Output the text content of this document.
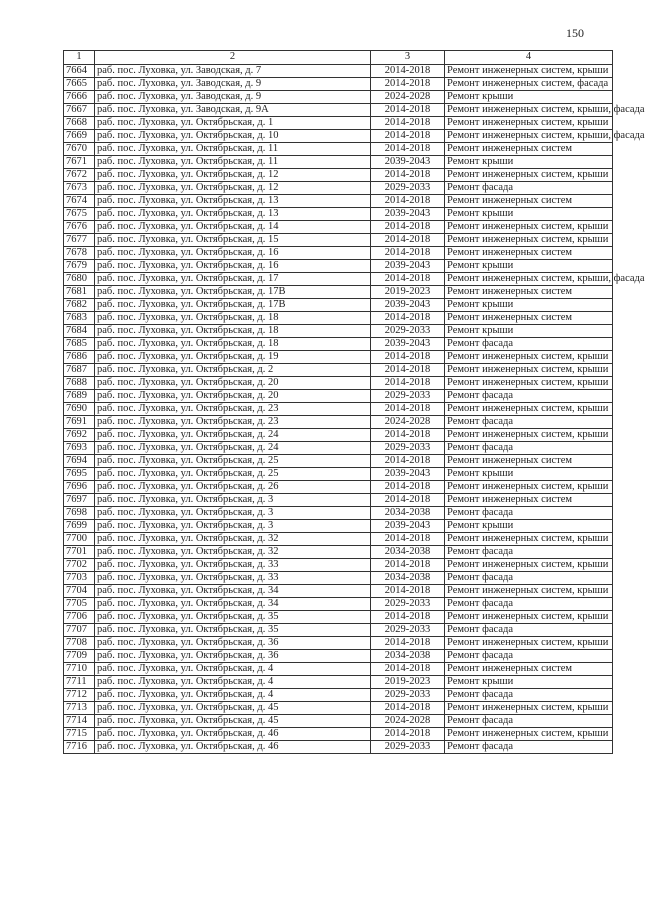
150
1	2	3	4
7664	раб. пос. Луховка, ул. Заводская, д. 7	2014-2018	Ремонт инженерных систем, крыши
7665	раб. пос. Луховка, ул. Заводская, д. 9	2014-2018	Ремонт инженерных систем, фасада
7666	раб. пос. Луховка, ул. Заводская, д. 9	2024-2028	Ремонт крыши
7667	раб. пос. Луховка, ул. Заводская, д. 9А	2014-2018	Ремонт инженерных систем, крыши, фасада
7668	раб. пос. Луховка, ул. Октябрьская, д. 1	2014-2018	Ремонт инженерных систем, крыши
7669	раб. пос. Луховка, ул. Октябрьская, д. 10	2014-2018	Ремонт инженерных систем, крыши, фасада
7670	раб. пос. Луховка, ул. Октябрьская, д. 11	2014-2018	Ремонт инженерных систем
7671	раб. пос. Луховка, ул. Октябрьская, д. 11	2039-2043	Ремонт крыши
7672	раб. пос. Луховка, ул. Октябрьская, д. 12	2014-2018	Ремонт инженерных систем, крыши
7673	раб. пос. Луховка, ул. Октябрьская, д. 12	2029-2033	Ремонт фасада
7674	раб. пос. Луховка, ул. Октябрьская, д. 13	2014-2018	Ремонт инженерных систем
7675	раб. пос. Луховка, ул. Октябрьская, д. 13	2039-2043	Ремонт крыши
7676	раб. пос. Луховка, ул. Октябрьская, д. 14	2014-2018	Ремонт инженерных систем, крыши
7677	раб. пос. Луховка, ул. Октябрьская, д. 15	2014-2018	Ремонт инженерных систем, крыши
7678	раб. пос. Луховка, ул. Октябрьская, д. 16	2014-2018	Ремонт инженерных систем
7679	раб. пос. Луховка, ул. Октябрьская, д. 16	2039-2043	Ремонт крыши
7680	раб. пос. Луховка, ул. Октябрьская, д. 17	2014-2018	Ремонт инженерных систем, крыши, фасада
7681	раб. пос. Луховка, ул. Октябрьская, д. 17В	2019-2023	Ремонт инженерных систем
7682	раб. пос. Луховка, ул. Октябрьская, д. 17В	2039-2043	Ремонт крыши
7683	раб. пос. Луховка, ул. Октябрьская, д. 18	2014-2018	Ремонт инженерных систем
7684	раб. пос. Луховка, ул. Октябрьская, д. 18	2029-2033	Ремонт крыши
7685	раб. пос. Луховка, ул. Октябрьская, д. 18	2039-2043	Ремонт фасада
7686	раб. пос. Луховка, ул. Октябрьская, д. 19	2014-2018	Ремонт инженерных систем, крыши
7687	раб. пос. Луховка, ул. Октябрьская, д. 2	2014-2018	Ремонт инженерных систем, крыши
7688	раб. пос. Луховка, ул. Октябрьская, д. 20	2014-2018	Ремонт инженерных систем, крыши
7689	раб. пос. Луховка, ул. Октябрьская, д. 20	2029-2033	Ремонт фасада
7690	раб. пос. Луховка, ул. Октябрьская, д. 23	2014-2018	Ремонт инженерных систем, крыши
7691	раб. пос. Луховка, ул. Октябрьская, д. 23	2024-2028	Ремонт фасада
7692	раб. пос. Луховка, ул. Октябрьская, д. 24	2014-2018	Ремонт инженерных систем, крыши
7693	раб. пос. Луховка, ул. Октябрьская, д. 24	2029-2033	Ремонт фасада
7694	раб. пос. Луховка, ул. Октябрьская, д. 25	2014-2018	Ремонт инженерных систем
7695	раб. пос. Луховка, ул. Октябрьская, д. 25	2039-2043	Ремонт крыши
7696	раб. пос. Луховка, ул. Октябрьская, д. 26	2014-2018	Ремонт инженерных систем, крыши
7697	раб. пос. Луховка, ул. Октябрьская, д. 3	2014-2018	Ремонт инженерных систем
7698	раб. пос. Луховка, ул. Октябрьская, д. 3	2034-2038	Ремонт фасада
7699	раб. пос. Луховка, ул. Октябрьская, д. 3	2039-2043	Ремонт крыши
7700	раб. пос. Луховка, ул. Октябрьская, д. 32	2014-2018	Ремонт инженерных систем, крыши
7701	раб. пос. Луховка, ул. Октябрьская, д. 32	2034-2038	Ремонт фасада
7702	раб. пос. Луховка, ул. Октябрьская, д. 33	2014-2018	Ремонт инженерных систем, крыши
7703	раб. пос. Луховка, ул. Октябрьская, д. 33	2034-2038	Ремонт фасада
7704	раб. пос. Луховка, ул. Октябрьская, д. 34	2014-2018	Ремонт инженерных систем, крыши
7705	раб. пос. Луховка, ул. Октябрьская, д. 34	2029-2033	Ремонт фасада
7706	раб. пос. Луховка, ул. Октябрьская, д. 35	2014-2018	Ремонт инженерных систем, крыши
7707	раб. пос. Луховка, ул. Октябрьская, д. 35	2029-2033	Ремонт фасада
7708	раб. пос. Луховка, ул. Октябрьская, д. 36	2014-2018	Ремонт инженерных систем, крыши
7709	раб. пос. Луховка, ул. Октябрьская, д. 36	2034-2038	Ремонт фасада
7710	раб. пос. Луховка, ул. Октябрьская, д. 4	2014-2018	Ремонт инженерных систем
7711	раб. пос. Луховка, ул. Октябрьская, д. 4	2019-2023	Ремонт крыши
7712	раб. пос. Луховка, ул. Октябрьская, д. 4	2029-2033	Ремонт фасада
7713	раб. пос. Луховка, ул. Октябрьская, д. 45	2014-2018	Ремонт инженерных систем, крыши
7714	раб. пос. Луховка, ул. Октябрьская, д. 45	2024-2028	Ремонт фасада
7715	раб. пос. Луховка, ул. Октябрьская, д. 46	2014-2018	Ремонт инженерных систем, крыши
7716	раб. пос. Луховка, ул. Октябрьская, д. 46	2029-2033	Ремонт фасада
